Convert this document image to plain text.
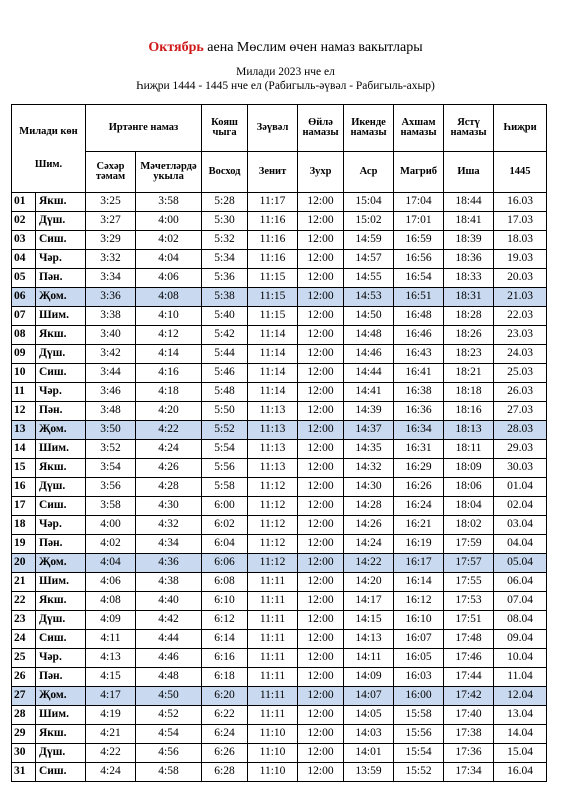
Октябрь аена Мөслим өчен намаз вакытлары
Милади 2023 нче ел
Һиҗри 1444 - 1445 нче ел (Рабигыль-әүвәл - Рабигыль-ахыр)
Милади көн
Шим.		Иртәнге намаз		Кояш чыга	Зәүвәл	Өйлә намазы	Икенде намазы	Ахшам намазы	Ястү намазы	Һиҗри
		Сәхәр тәмам	Мәчетләрдә укыла	Восход	Зенит	Зухр	Аср	Магриб	Иша	1445
01	Якш.	3:25	3:58	5:28	11:17	12:00	15:04	17:04	18:44	16.03
02	Дүш.	3:27	4:00	5:30	11:16	12:00	15:02	17:01	18:41	17.03
03	Сиш.	3:29	4:02	5:32	11:16	12:00	14:59	16:59	18:39	18.03
04	Чәр.	3:32	4:04	5:34	11:16	12:00	14:57	16:56	18:36	19.03
05	Пән.	3:34	4:06	5:36	11:15	12:00	14:55	16:54	18:33	20.03
06	Җом.	3:36	4:08	5:38	11:15	12:00	14:53	16:51	18:31	21.03
07	Шим.	3:38	4:10	5:40	11:15	12:00	14:50	16:48	18:28	22.03
08	Якш.	3:40	4:12	5:42	11:14	12:00	14:48	16:46	18:26	23.03
09	Дүш.	3:42	4:14	5:44	11:14	12:00	14:46	16:43	18:23	24.03
10	Сиш.	3:44	4:16	5:46	11:14	12:00	14:44	16:41	18:21	25.03
11	Чәр.	3:46	4:18	5:48	11:14	12:00	14:41	16:38	18:18	26.03
12	Пән.	3:48	4:20	5:50	11:13	12:00	14:39	16:36	18:16	27.03
13	Җом.	3:50	4:22	5:52	11:13	12:00	14:37	16:34	18:13	28.03
14	Шим.	3:52	4:24	5:54	11:13	12:00	14:35	16:31	18:11	29.03
15	Якш.	3:54	4:26	5:56	11:13	12:00	14:32	16:29	18:09	30.03
16	Дүш.	3:56	4:28	5:58	11:12	12:00	14:30	16:26	18:06	01.04
17	Сиш.	3:58	4:30	6:00	11:12	12:00	14:28	16:24	18:04	02.04
18	Чәр.	4:00	4:32	6:02	11:12	12:00	14:26	16:21	18:02	03.04
19	Пән.	4:02	4:34	6:04	11:12	12:00	14:24	16:19	17:59	04.04
20	Җом.	4:04	4:36	6:06	11:12	12:00	14:22	16:17	17:57	05.04
21	Шим.	4:06	4:38	6:08	11:11	12:00	14:20	16:14	17:55	06.04
22	Якш.	4:08	4:40	6:10	11:11	12:00	14:17	16:12	17:53	07.04
23	Дүш.	4:09	4:42	6:12	11:11	12:00	14:15	16:10	17:51	08.04
24	Сиш.	4:11	4:44	6:14	11:11	12:00	14:13	16:07	17:48	09.04
25	Чәр.	4:13	4:46	6:16	11:11	12:00	14:11	16:05	17:46	10.04
26	Пән.	4:15	4:48	6:18	11:11	12:00	14:09	16:03	17:44	11.04
27	Җом.	4:17	4:50	6:20	11:11	12:00	14:07	16:00	17:42	12.04
28	Шим.	4:19	4:52	6:22	11:11	12:00	14:05	15:58	17:40	13.04
29	Якш.	4:21	4:54	6:24	11:10	12:00	14:03	15:56	17:38	14.04
30	Дүш.	4:22	4:56	6:26	11:10	12:00	14:01	15:54	17:36	15.04
31	Сиш.	4:24	4:58	6:28	11:10	12:00	13:59	15:52	17:34	16.04
